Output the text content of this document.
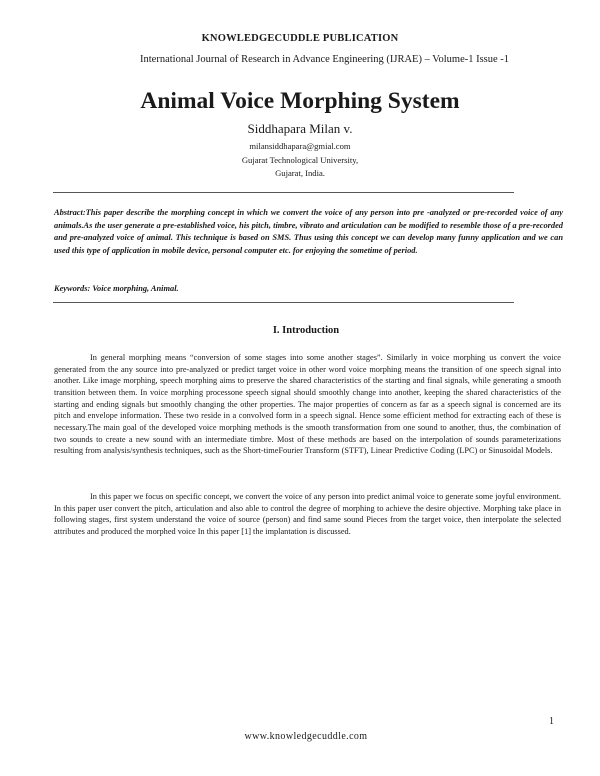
KNOWLEDGECUDDLE PUBLICATION
International Journal of Research in Advance Engineering (IJRAE) – Volume-1 Issue -1
Animal Voice Morphing System
Siddhapara Milan v.
milansiddhapara@gmial.com
Gujarat Technological University,
Gujarat, India.
Abstract:This paper describe the morphing concept in which we convert the voice of any person into pre -analyzed or pre-recorded voice of any animals.As the user generate a pre-established voice, his pitch, timbre, vibrato and articulation can be modified to resemble those of a pre-recorded and pre-analyzed voice of animal. This technique is based on SMS. Thus using this concept we can develop many funny application and we can used this type of application in mobile device, personal computer etc. for enjoying the sometime of period.
Keywords: Voice morphing, Animal.
I. Introduction
In general morphing means “conversion of some stages into some another stages”. Similarly in voice morphing us convert the voice generated from the any source into pre-analyzed or predict target voice in other word voice morphing means the transition of one speech signal into another. Like image morphing, speech morphing aims to preserve the shared characteristics of the starting and final signals, while generating a smooth transition between them. In voice morphing processone speech signal should smoothly change into another, keeping the shared characteristics of the starting and ending signals but smoothly changing the other properties. The major properties of concern as far as a speech signal is concerned are its pitch and envelope information. These two reside in a convolved form in a speech signal. Hence some efficient method for extracting each of these is necessary.The main goal of the developed voice morphing methods is the smooth transformation from one sound to another, thus, the combination of two sounds to create a new sound with an intermediate timbre. Most of these methods are based on the interpolation of sounds parameterizations resulting from analysis/synthesis techniques, such as the Short-timeFourier Transform (STFT), Linear Predictive Coding (LPC) or Sinusoidal Models.
In this paper we focus on specific concept, we convert the voice of any person into predict animal voice to generate some joyful environment. In this paper user convert the pitch, articulation and also able to control the degree of morphing to achieve the desire objective. Morphing take place in following stages, first system understand the voice of source (person) and find same sound Pieces from the target voice, then interpolate the selected attributes and produced the morphed voice In this paper [1] the implantation is discussed.
1
www.knowledgecuddle.com
